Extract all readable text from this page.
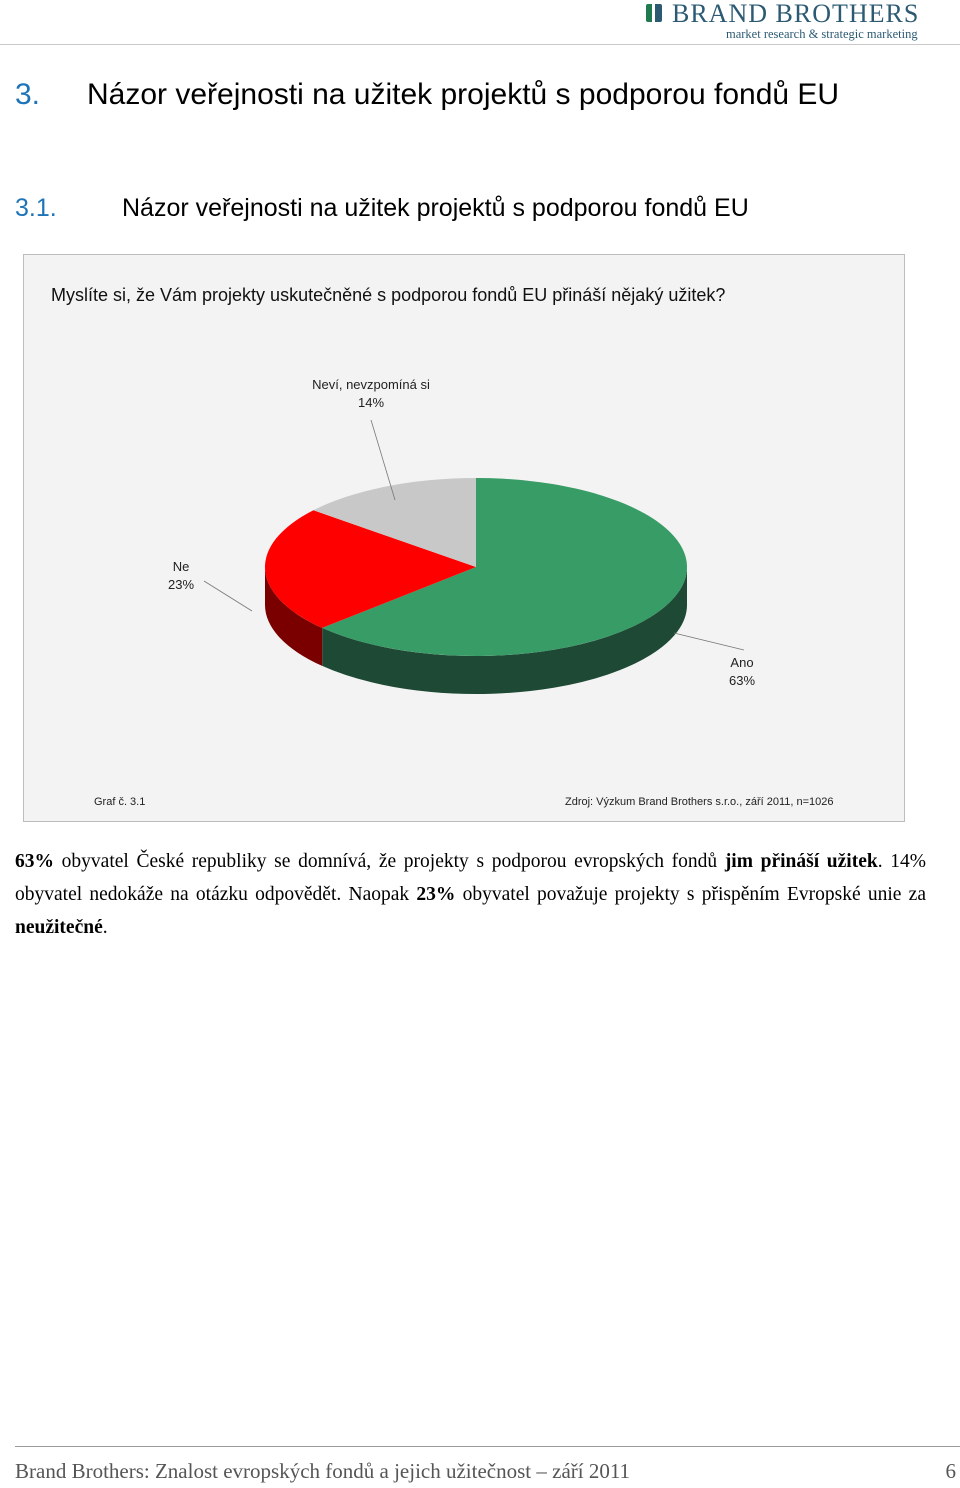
BRAND BROTHERS
market research & strategic marketing
3. Názor veřejnosti na užitek projektů s podporou fondů EU
3.1.	Názor veřejnosti na užitek projektů s podporou fondů EU
Myslíte si, že Vám projekty uskutečněné s podporou fondů EU přináší nějaký užitek?
Ano
63%
Ne
23%
Neví, nevzpomíná si
14%
Graf č. 3.1	Zdroj: Výzkum Brand Brothers s.r.o., září 2011, n=1026
63% obyvatel České republiky se domnívá, že projekty s podporou evropských fondů jim přináší užitek. 14% obyvatel nedokáže na otázku odpovědět. Naopak 23% obyvatel považuje projekty s přispěním Evropské unie za neužitečné.
Brand Brothers: Znalost evropských fondů a jejich užitečnost – září 2011	6
